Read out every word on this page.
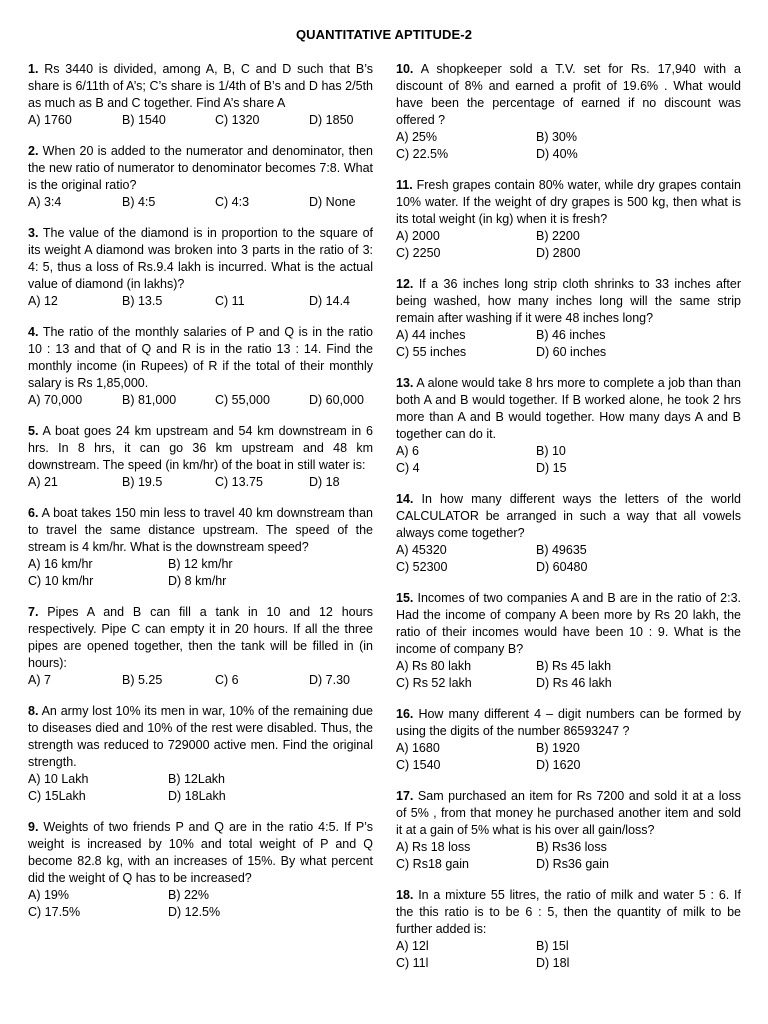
QUANTITATIVE APTITUDE-2
1. Rs 3440 is divided, among A, B, C and D such that B’s share is 6/11th of A’s; C’s share is 1/4th of B’s and D has 2/5th as much as B and C together. Find A’s share A
A) 1760	B) 1540	C) 1320	D) 1850
2. When 20 is added to the numerator and denominator, then the new ratio of numerator to denominator becomes 7:8. What is the original ratio?
A) 3:4	B) 4:5	C) 4:3	D) None
3. The value of the diamond is in proportion to the square of its weight A diamond was broken into 3 parts in the ratio of 3: 4: 5, thus a loss of Rs.9.4 lakh is incurred. What is the actual value of diamond (in lakhs)?
A) 12	B) 13.5	C) 11	D) 14.4
4. The ratio of the monthly salaries of P and Q is in the ratio 10 : 13 and that of Q and R is in the ratio 13 : 14. Find the monthly income (in Rupees) of R if the total of their monthly salary is Rs 1,85,000.
A) 70,000	B) 81,000	C) 55,000	D) 60,000
5. A boat goes 24 km upstream and 54 km downstream in 6 hrs. In 8 hrs, it can go 36 km upstream and 48 km downstream. The speed (in km/hr) of the boat in still water is:
A) 21	B) 19.5	C) 13.75	D) 18
6. A boat takes 150 min less to travel 40 km downstream than to travel the same distance upstream. The speed of the stream is 4 km/hr. What is the downstream speed?
A) 16 km/hr	B) 12 km/hr
C) 10 km/hr	D) 8 km/hr
7. Pipes A and B can fill a tank in 10 and 12 hours respectively. Pipe C can empty it in 20 hours. If all the three pipes are opened together, then the tank will be filled in (in hours):
A) 7	B) 5.25	C) 6	D) 7.30
8. An army lost 10% its men in war, 10% of the remaining due to diseases died and 10% of the rest were disabled. Thus, the strength was reduced to 729000 active men. Find the original strength.
A) 10 Lakh	B) 12Lakh
C) 15Lakh	D) 18Lakh
9. Weights of two friends P and Q are in the ratio 4:5. If P’s weight is increased by 10% and total weight of P and Q become 82.8 kg, with an increases of 15%. By what percent did the weight of Q has to be increased?
A) 19%	B) 22%
C) 17.5%	D) 12.5%
10. A shopkeeper sold a T.V. set for Rs. 17,940 with a discount of 8% and earned a profit of 19.6% . What would have been the percentage of earned if no discount was offered ?
A) 25%	B) 30%
C) 22.5%	D) 40%
11. Fresh grapes contain 80% water, while dry grapes contain 10% water. If the weight of dry grapes is 500 kg, then what is its total weight (in kg) when it is fresh?
A) 2000	B) 2200
C) 2250	D) 2800
12. If a 36 inches long strip cloth shrinks to 33 inches after being washed, how many inches long will the same strip remain after washing if it were 48 inches long?
A) 44 inches	B) 46 inches
C) 55 inches	D) 60 inches
13. A alone would take 8 hrs more to complete a job than than both A and B would together. If B worked alone, he took 2 hrs more than A and B would together. How many days A and B together can do it.
A) 6	B) 10
C) 4	D) 15
14. In how many different ways the letters of the world CALCULATOR be arranged in such a way that all vowels always come together?
A) 45320	B) 49635
C) 52300	D) 60480
15. Incomes of two companies A and B are in the ratio of 2:3. Had the income of company A been more by Rs 20 lakh, the ratio of their incomes would have been 10 : 9. What is the income of company B?
A) Rs 80 lakh	B) Rs 45 lakh
C) Rs 52 lakh	D) Rs 46 lakh
16. How many different 4 – digit numbers can be formed by using the digits of the number 86593247 ?
A) 1680	B) 1920
C) 1540	D) 1620
17. Sam purchased an item for Rs 7200 and sold it at a loss of 5% , from that money he purchased another item and sold it at a gain of 5% what is his over all gain/loss?
A) Rs 18 loss	B) Rs36 loss
C) Rs18 gain	D) Rs36 gain
18. In a mixture 55 litres, the ratio of milk and water 5 : 6. If the this ratio is to be 6 : 5, then the quantity of milk to be further added is:
A) 12l	B) 15l
C) 11l	D) 18l
